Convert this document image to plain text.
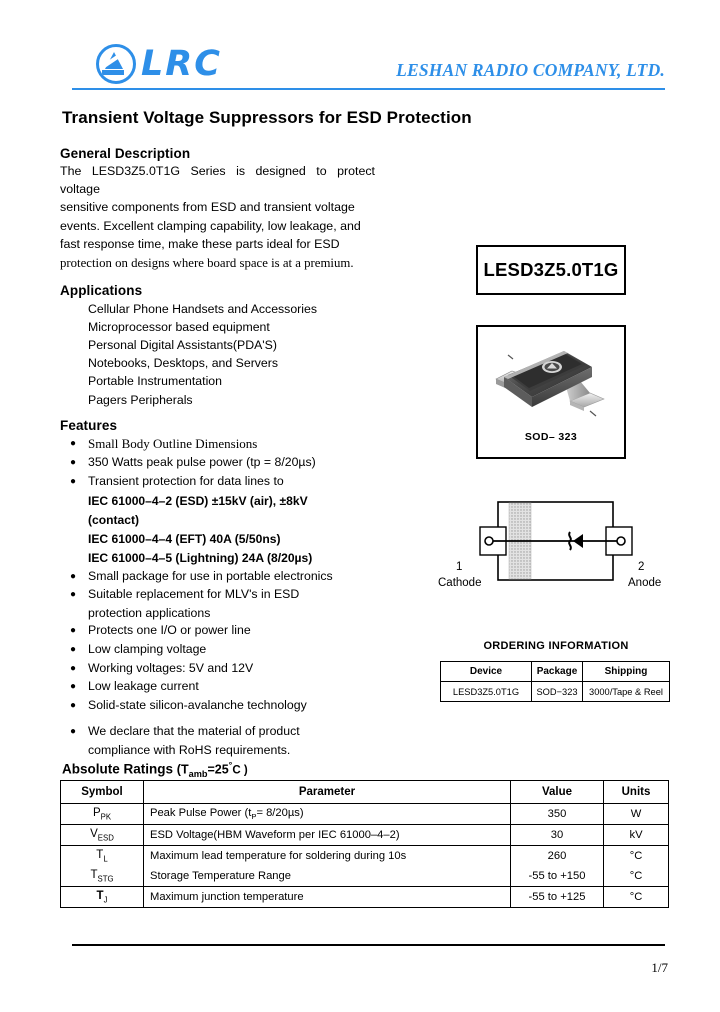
LRC	LESHAN RADIO COMPANY, LTD.
Transient Voltage Suppressors for ESD Protection
General Description

The LESD3Z5.0T1G Series is designed to protect voltage

sensitive components from ESD and transient voltage

events. Excellent clamping capability, low leakage, and

fast response time, make these parts ideal for ESD

protection on designs where board space is at a premium.

Applications
Cellular Phone Handsets and Accessories
Microprocessor based equipment
Personal Digital Assistants(PDA'S)
Notebooks, Desktops, and Servers
Portable Instrumentation
Pagers Peripherals
Features
● Small Body Outline Dimensions
● 350 Watts peak pulse power (tp = 8/20µs)
● Transient protection for data lines to
IEC 61000–4–2 (ESD) ±15kV (air), ±8kV
(contact)
IEC 61000–4–4 (EFT) 40A (5/50ns)
IEC 61000–4–5 (Lightning) 24A (8/20µs)
● Small package for use in portable electronics
● Suitable replacement for MLV's in ESD
protection applications
● Protects one I/O or power line
● Low clamping voltage
● Working voltages: 5V and 12V
● Low leakage current
● Solid-state silicon-avalanche technology
● We declare that the material of product
compliance with RoHS requirements.
LESD3Z5.0T1G
SOD– 323
1
Cathode
2
Anode
ORDERING INFORMATION
Device	Package	Shipping
LESD3Z5.0T1G	SOD−323	3000/Tape & Reel
Absolute Ratings ($T_{amb}=25^\circ C$ )
Symbol	Parameter	Value	Units
$P_{PK}$	Peak Pulse Power $(t_P= 8/20\mu s)$	350	W
$V_{ESD}$	ESD Voltage(HBM Waveform per IEC 61000–4–2)	30	kV
$T_L$	Maximum lead temperature for soldering during 10s	260	°C
$T_{STG}$	Storage Temperature Range	-55 to +150	°C
$T_J$	Maximum junction temperature	-55 to +125	°C
1/7
